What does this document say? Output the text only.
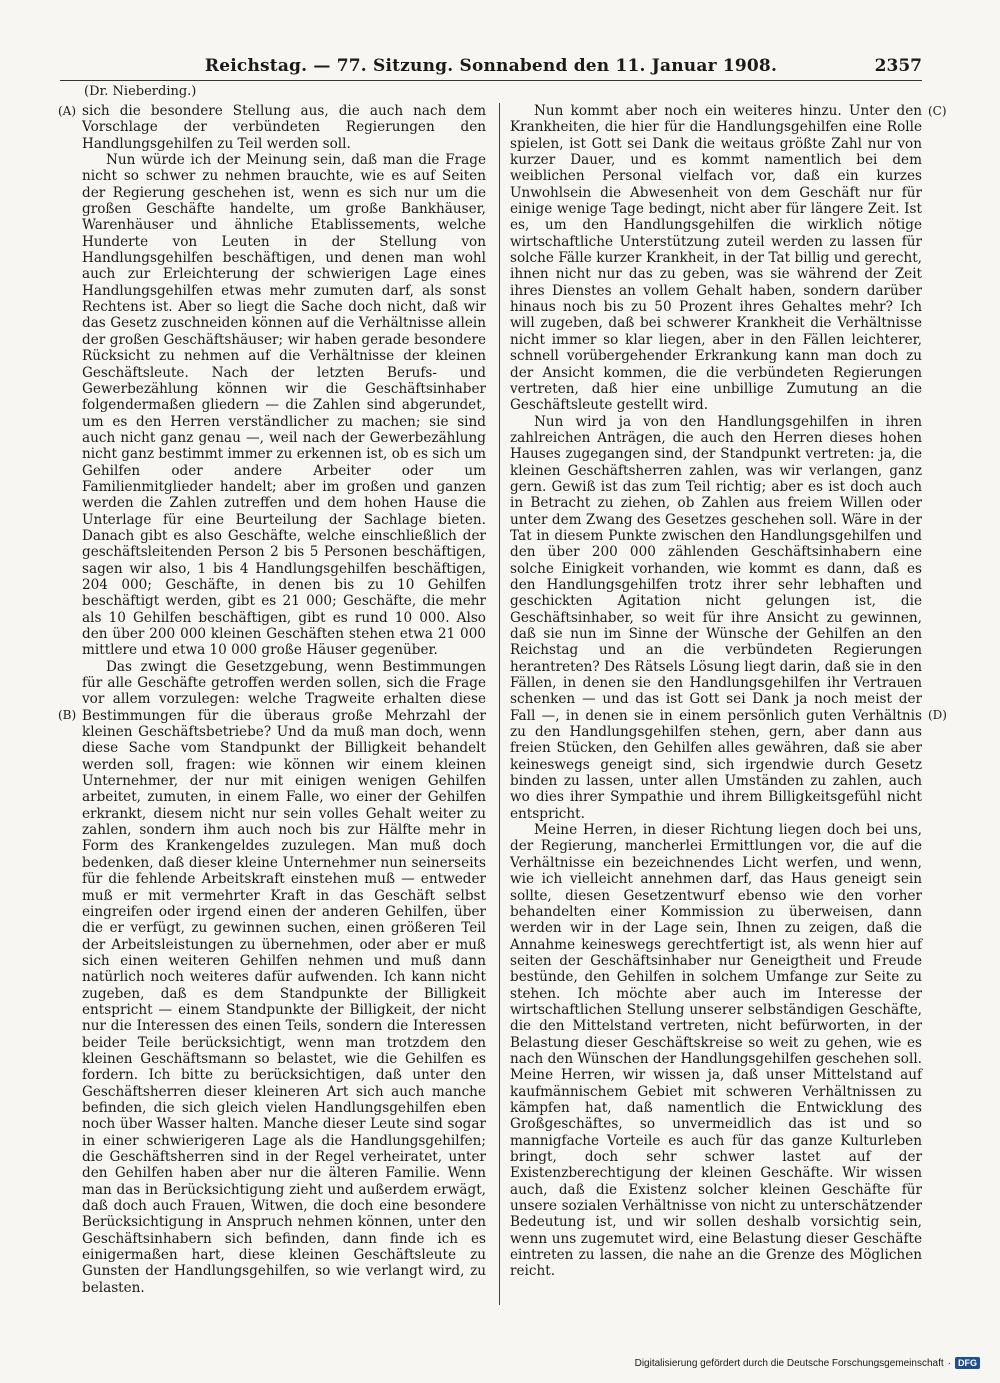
Reichstag. — 77. Sitzung. Sonnabend den 11. Januar 1908.	2357
(Dr. Nieberding.)
(A)
(B)
(C)
(D)

sich die besondere Stellung aus, die auch nach dem Vorschlage der verbündeten Regierungen den Handlungsgehilfen zu Teil werden soll.

Nun würde ich der Meinung sein, daß man die Frage nicht so schwer zu nehmen brauchte, wie es auf Seiten der Regierung geschehen ist, wenn es sich nur um die großen Geschäfte handelte, um große Bankhäuser, Warenhäuser und ähnliche Etablissements, welche Hunderte von Leuten in der Stellung von Handlungsgehilfen beschäftigen, und denen man wohl auch zur Erleichterung der schwierigen Lage eines Handlungsgehilfen etwas mehr zumuten darf, als sonst Rechtens ist. Aber so liegt die Sache doch nicht, daß wir das Gesetz zuschneiden können auf die Verhältnisse allein der großen Geschäftshäuser; wir haben gerade besondere Rücksicht zu nehmen auf die Verhältnisse der kleinen Geschäftsleute. Nach der letzten Berufs- und Gewerbezählung können wir die Geschäftsinhaber folgendermaßen gliedern — die Zahlen sind abgerundet, um es den Herren verständlicher zu machen; sie sind auch nicht ganz genau —, weil nach der Gewerbezählung nicht ganz bestimmt immer zu erkennen ist, ob es sich um Gehilfen oder andere Arbeiter oder um Familienmitglieder handelt; aber im großen und ganzen werden die Zahlen zutreffen und dem hohen Hause die Unterlage für eine Beurteilung der Sachlage bieten. Danach gibt es also Geschäfte, welche einschließlich der geschäftsleitenden Person 2 bis 5 Personen beschäftigen, sagen wir also, 1 bis 4 Handlungsgehilfen beschäftigen, 204 000; Geschäfte, in denen bis zu 10 Gehilfen beschäftigt werden, gibt es 21 000; Geschäfte, die mehr als 10 Gehilfen beschäftigen, gibt es rund 10 000. Also den über 200 000 kleinen Geschäften stehen etwa 21 000 mittlere und etwa 10 000 große Häuser gegenüber.

Das zwingt die Gesetzgebung, wenn Bestimmungen für alle Geschäfte getroffen werden sollen, sich die Frage vor allem vorzulegen: welche Tragweite erhalten diese Bestimmungen für die überaus große Mehrzahl der kleinen Geschäftsbetriebe? Und da muß man doch, wenn diese Sache vom Standpunkt der Billigkeit behandelt werden soll, fragen: wie können wir einem kleinen Unternehmer, der nur mit einigen wenigen Gehilfen arbeitet, zumuten, in einem Falle, wo einer der Gehilfen erkrankt, diesem nicht nur sein volles Gehalt weiter zu zahlen, sondern ihm auch noch bis zur Hälfte mehr in Form des Krankengeldes zuzulegen. Man muß doch bedenken, daß dieser kleine Unternehmer nun seinerseits für die fehlende Arbeitskraft einstehen muß — entweder muß er mit vermehrter Kraft in das Geschäft selbst eingreifen oder irgend einen der anderen Gehilfen, über die er verfügt, zu gewinnen suchen, einen größeren Teil der Arbeitsleistungen zu übernehmen, oder aber er muß sich einen weiteren Gehilfen nehmen und muß dann natürlich noch weiteres dafür aufwenden. Ich kann nicht zugeben, daß es dem Standpunkte der Billigkeit entspricht — einem Standpunkte der Billigkeit, der nicht nur die Interessen des einen Teils, sondern die Interessen beider Teile berücksichtigt, wenn man trotzdem den kleinen Geschäftsmann so belastet, wie die Gehilfen es fordern. Ich bitte zu berücksichtigen, daß unter den Geschäftsherren dieser kleineren Art sich auch manche befinden, die sich gleich vielen Handlungsgehilfen eben noch über Wasser halten. Manche dieser Leute sind sogar in einer schwierigeren Lage als die Handlungsgehilfen; die Geschäftsherren sind in der Regel verheiratet, unter den Gehilfen haben aber nur die älteren Familie. Wenn man das in Berücksichtigung zieht und außerdem erwägt, daß doch auch Frauen, Witwen, die doch eine besondere Berücksichtigung in Anspruch nehmen können, unter den Geschäftsinhabern sich befinden, dann finde ich es einigermaßen hart, diese kleinen Geschäftsleute zu Gunsten der Handlungsgehilfen, so wie verlangt wird, zu belasten.

Nun kommt aber noch ein weiteres hinzu. Unter den Krankheiten, die hier für die Handlungsgehilfen eine Rolle spielen, ist Gott sei Dank die weitaus größte Zahl nur von kurzer Dauer, und es kommt namentlich bei dem weiblichen Personal vielfach vor, daß ein kurzes Unwohlsein die Abwesenheit von dem Geschäft nur für einige wenige Tage bedingt, nicht aber für längere Zeit. Ist es, um den Handlungsgehilfen die wirklich nötige wirtschaftliche Unterstützung zuteil werden zu lassen für solche Fälle kurzer Krankheit, in der Tat billig und gerecht, ihnen nicht nur das zu geben, was sie während der Zeit ihres Dienstes an vollem Gehalt haben, sondern darüber hinaus noch bis zu 50 Prozent ihres Gehaltes mehr? Ich will zugeben, daß bei schwerer Krankheit die Verhältnisse nicht immer so klar liegen, aber in den Fällen leichterer, schnell vorübergehender Erkrankung kann man doch zu der Ansicht kommen, die die verbündeten Regierungen vertreten, daß hier eine unbillige Zumutung an die Geschäftsleute gestellt wird.

Nun wird ja von den Handlungsgehilfen in ihren zahlreichen Anträgen, die auch den Herren dieses hohen Hauses zugegangen sind, der Standpunkt vertreten: ja, die kleinen Geschäftsherren zahlen, was wir verlangen, ganz gern. Gewiß ist das zum Teil richtig; aber es ist doch auch in Betracht zu ziehen, ob Zahlen aus freiem Willen oder unter dem Zwang des Gesetzes geschehen soll. Wäre in der Tat in diesem Punkte zwischen den Handlungsgehilfen und den über 200 000 zählenden Geschäftsinhabern eine solche Einigkeit vorhanden, wie kommt es dann, daß es den Handlungsgehilfen trotz ihrer sehr lebhaften und geschickten Agitation nicht gelungen ist, die Geschäftsinhaber, so weit für ihre Ansicht zu gewinnen, daß sie nun im Sinne der Wünsche der Gehilfen an den Reichstag und an die verbündeten Regierungen herantreten? Des Rätsels Lösung liegt darin, daß sie in den Fällen, in denen sie den Handlungsgehilfen ihr Vertrauen schenken — und das ist Gott sei Dank ja noch meist der Fall —, in denen sie in einem persönlich guten Verhältnis zu den Handlungsgehilfen stehen, gern, aber dann aus freien Stücken, den Gehilfen alles gewähren, daß sie aber keineswegs geneigt sind, sich irgendwie durch Gesetz binden zu lassen, unter allen Umständen zu zahlen, auch wo dies ihrer Sympathie und ihrem Billigkeitsgefühl nicht entspricht.

Meine Herren, in dieser Richtung liegen doch bei uns, der Regierung, mancherlei Ermittlungen vor, die auf die Verhältnisse ein bezeichnendes Licht werfen, und wenn, wie ich vielleicht annehmen darf, das Haus geneigt sein sollte, diesen Gesetzentwurf ebenso wie den vorher behandelten einer Kommission zu überweisen, dann werden wir in der Lage sein, Ihnen zu zeigen, daß die Annahme keineswegs gerechtfertigt ist, als wenn hier auf seiten der Geschäftsinhaber nur Geneigtheit und Freude bestünde, den Gehilfen in solchem Umfange zur Seite zu stehen. Ich möchte aber auch im Interesse der wirtschaftlichen Stellung unserer selbständigen Geschäfte, die den Mittelstand vertreten, nicht befürworten, in der Belastung dieser Geschäftskreise so weit zu gehen, wie es nach den Wünschen der Handlungsgehilfen geschehen soll. Meine Herren, wir wissen ja, daß unser Mittelstand auf kaufmännischem Gebiet mit schweren Verhältnissen zu kämpfen hat, daß namentlich die Entwicklung des Großgeschäftes, so unvermeidlich das ist und so mannigfache Vorteile es auch für das ganze Kulturleben bringt, doch sehr schwer lastet auf der Existenzberechtigung der kleinen Geschäfte. Wir wissen auch, daß die Existenz solcher kleinen Geschäfte für unsere sozialen Verhältnisse von nicht zu unterschätzender Bedeutung ist, und wir sollen deshalb vorsichtig sein, wenn uns zugemutet wird, eine Belastung dieser Geschäfte eintreten zu lassen, die nahe an die Grenze des Möglichen reicht.

Digitalisierung gefördert durch die Deutsche Forschungsgemeinschaft · DFG
